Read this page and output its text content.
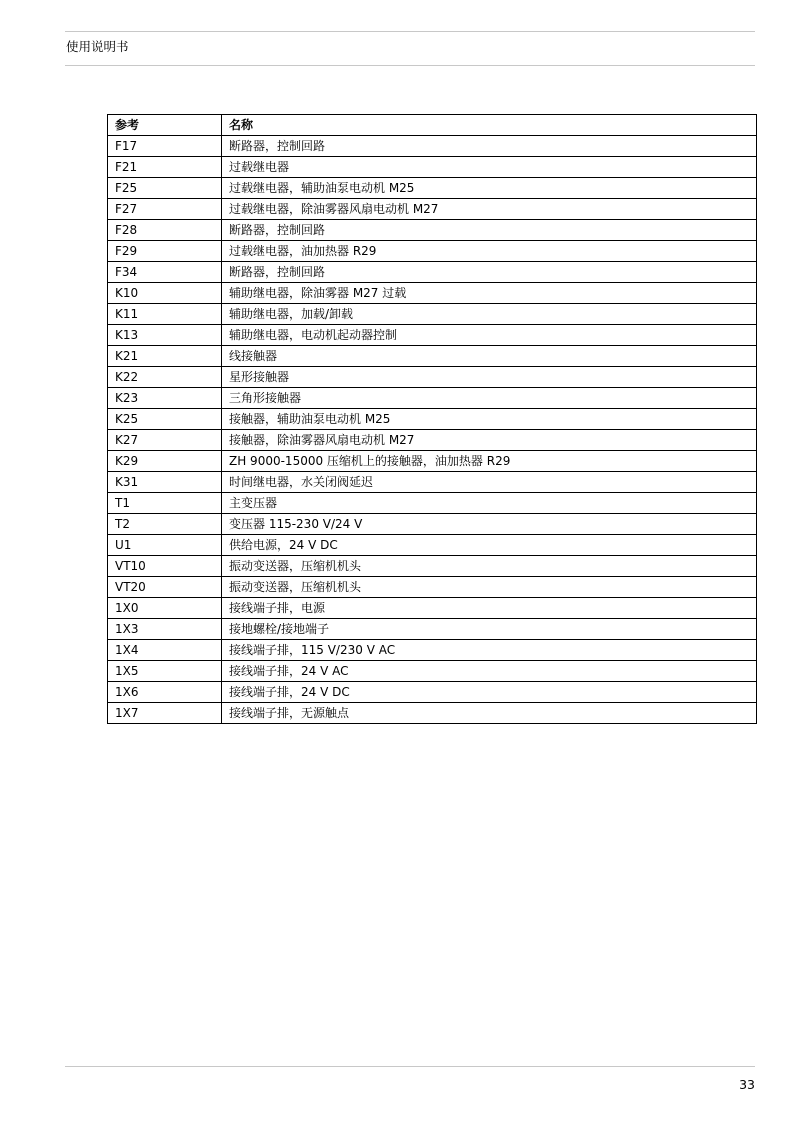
使用说明书
参考	名称
F17	断路器，控制回路
F21	过载继电器
F25	过载继电器，辅助油泵电动机 M25
F27	过载继电器，除油雾器风扇电动机 M27
F28	断路器，控制回路
F29	过载继电器，油加热器 R29
F34	断路器，控制回路
K10	辅助继电器，除油雾器 M27 过载
K11	辅助继电器，加载/卸载
K13	辅助继电器，电动机起动器控制
K21	线接触器
K22	星形接触器
K23	三角形接触器
K25	接触器，辅助油泵电动机 M25
K27	接触器，除油雾器风扇电动机 M27
K29	ZH 9000-15000 压缩机上的接触器，油加热器 R29
K31	时间继电器，水关闭阀延迟
T1	主变压器
T2	变压器 115-230 V/24 V
U1	供给电源，24 V DC
VT10	振动变送器，压缩机机头
VT20	振动变送器，压缩机机头
1X0	接线端子排，电源
1X3	接地螺栓/接地端子
1X4	接线端子排，115 V/230 V AC
1X5	接线端子排，24 V AC
1X6	接线端子排，24 V DC
1X7	接线端子排，无源触点
33
